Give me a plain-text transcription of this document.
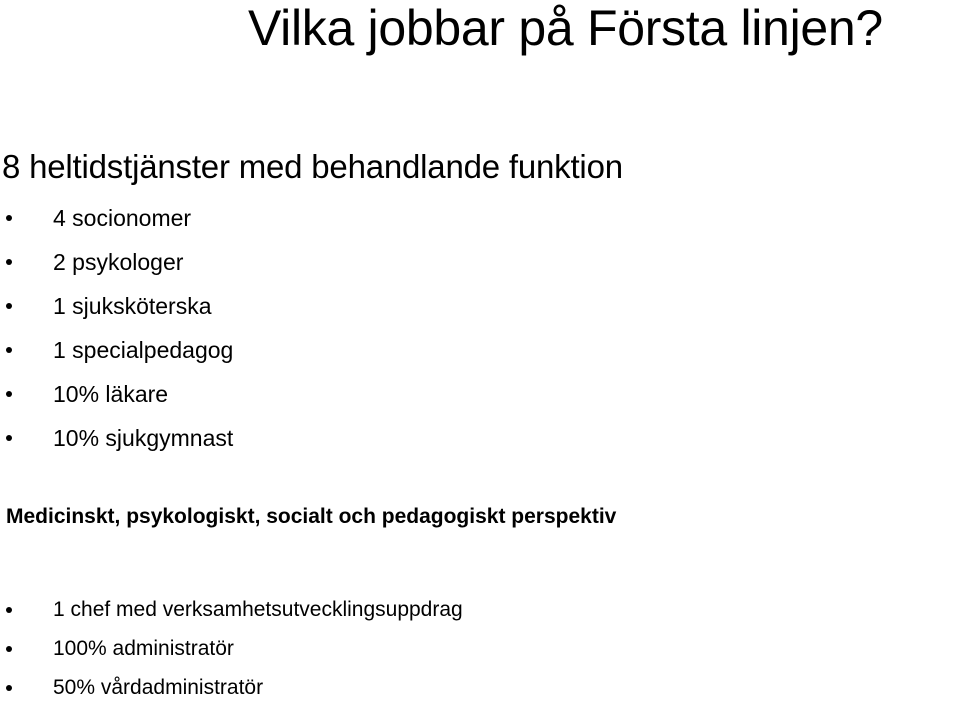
Vilka jobbar på Första linjen?
8 heltidstjänster med behandlande funktion
4 socionomer
2 psykologer
1 sjuksköterska
1 specialpedagog
10% läkare
10% sjukgymnast
Medicinskt, psykologiskt, socialt och pedagogiskt perspektiv
1 chef med verksamhetsutvecklingsuppdrag
100% administratör
50% vårdadministratör
